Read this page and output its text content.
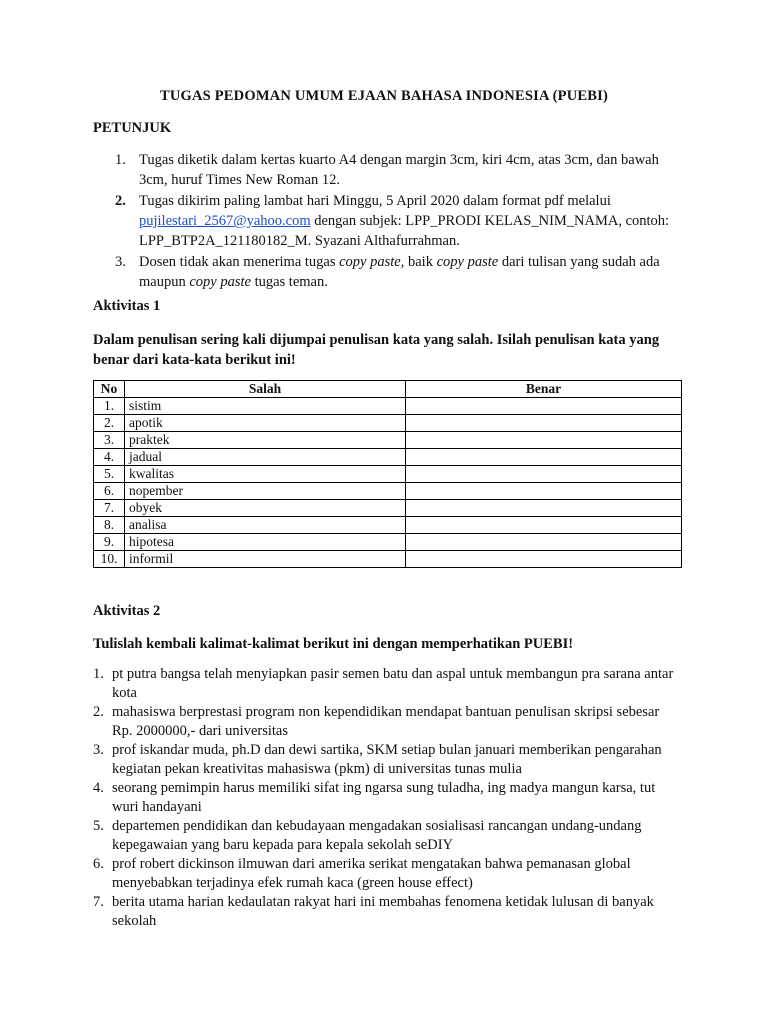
TUGAS PEDOMAN UMUM EJAAN BAHASA INDONESIA (PUEBI)
PETUNJUK
1. Tugas diketik dalam kertas kuarto A4 dengan margin 3cm, kiri 4cm, atas 3cm, dan bawah 3cm, huruf Times New Roman 12.
2. Tugas dikirim paling lambat hari Minggu, 5 April 2020 dalam format pdf melalui pujilestari_2567@yahoo.com dengan subjek: LPP_PRODI KELAS_NIM_NAMA, contoh: LPP_BTP2A_121180182_M. Syazani Althafurrahman.
3. Dosen tidak akan menerima tugas copy paste, baik copy paste dari tulisan yang sudah ada maupun copy paste tugas teman.
Aktivitas 1
Dalam penulisan sering kali dijumpai penulisan kata yang salah. Isilah penulisan kata yang benar dari kata-kata berikut ini!
No	Salah	Benar
1.	sistim	
2.	apotik	
3.	praktek	
4.	jadual	
5.	kwalitas	
6.	nopember	
7.	obyek	
8.	analisa	
9.	hipotesa	
10.	informil	
Aktivitas 2
Tulislah kembali kalimat-kalimat berikut ini dengan memperhatikan PUEBI!
1. pt putra bangsa telah menyiapkan pasir semen batu dan aspal untuk membangun pra sarana antar kota
2. mahasiswa berprestasi program non kependidikan mendapat bantuan penulisan skripsi sebesar Rp. 2000000,- dari universitas
3. prof iskandar muda, ph.D dan dewi sartika, SKM setiap bulan januari memberikan pengarahan kegiatan pekan kreativitas mahasiswa (pkm) di universitas tunas mulia
4. seorang pemimpin harus memiliki sifat ing ngarsa sung tuladha, ing madya mangun karsa, tut wuri handayani
5. departemen pendidikan dan kebudayaan mengadakan sosialisasi rancangan undang-undang kepegawaian yang baru kepada para kepala sekolah seDIY
6. prof robert dickinson ilmuwan dari amerika serikat mengatakan bahwa pemanasan global menyebabkan terjadinya efek rumah kaca (green house effect)
7. berita utama harian kedaulatan rakyat hari ini membahas fenomena ketidak lulusan di banyak sekolah
